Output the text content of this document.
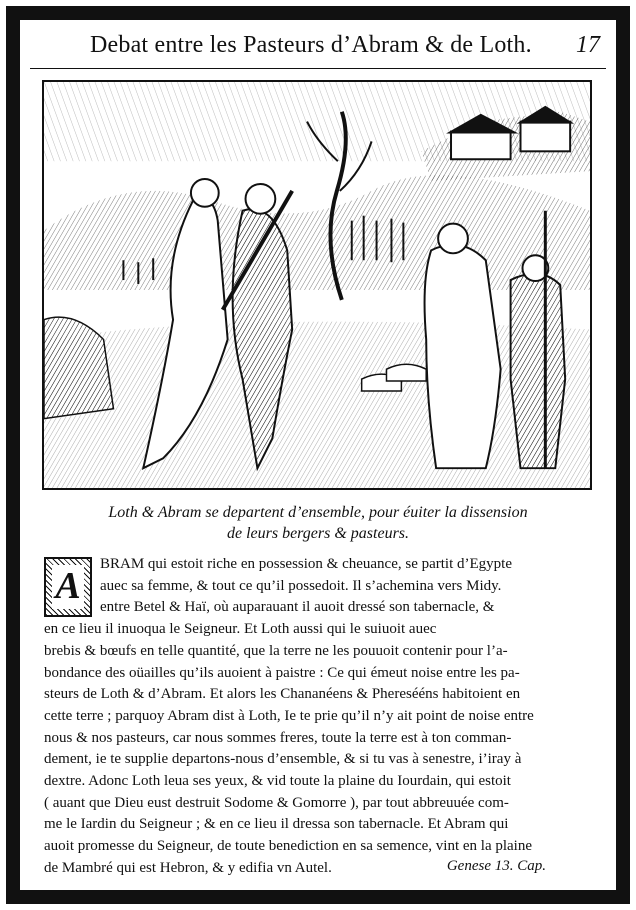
Debat entre les Pasteurs d’Abram & de Loth. 17
Loth & Abram se departent d’ensemble, pour éuiter la dissension
de leurs bergers & pasteurs.
A
BRAM qui estoit riche en possession & cheuance, se partit d’Egypte
auec sa femme, & tout ce qu’il possedoit. Il s’achemina vers Midy.
entre Betel & Haï, où auparauant il auoit dressé son tabernacle, &
en ce lieu il inuoqua le Seigneur. Et Loth aussi qui le suiuoit auec
brebis & bœufs en telle quantité, que la terre ne les pouuoit contenir pour l’a-
bondance des oüailles qu’ils auoient à paistre : Ce qui émeut noise entre les pa-
steurs de Loth & d’Abram. Et alors les Chananéens & Pheresééns habitoient en
cette terre ; parquoy Abram dist à Loth, Ie te prie qu’il n’y ait point de noise entre
nous & nos pasteurs, car nous sommes freres, toute la terre est à ton comman-
dement, ie te supplie departons-nous d’ensemble, & si tu vas à senestre, i’iray à
dextre. Adonc Loth leua ses yeux, & vid toute la plaine du Iourdain, qui estoit
( auant que Dieu eust destruit Sodome & Gomorre ), par tout abbreuuée com-
me le Iardin du Seigneur ; & en ce lieu il dressa son tabernacle. Et Abram qui
auoit promesse du Seigneur, de toute benediction en sa semence, vint en la plaine
de Mambré qui est Hebron, & y edifia vn Autel.	Genese 13. Cap.
